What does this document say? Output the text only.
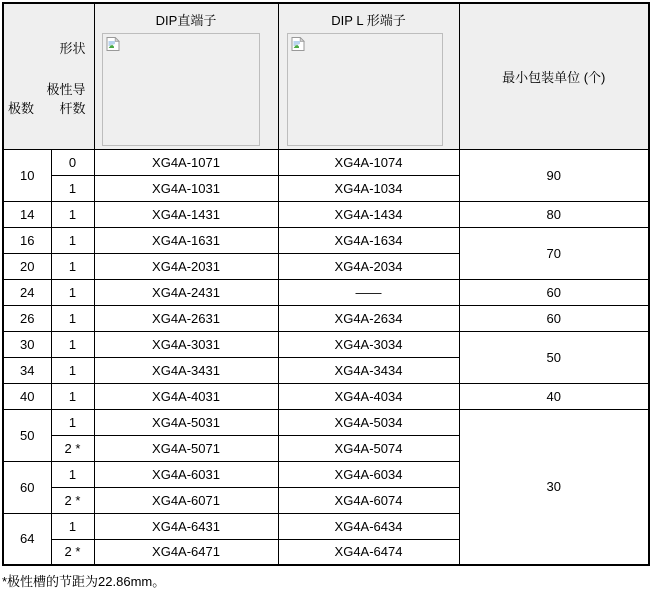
形状
极性导
杆数
极数		DIP直端子	DIP L 形端子	最小包装单位 (个)
10	0	XG4A-1071	XG4A-1074	90
	1	XG4A-1031	XG4A-1034	
14	1	XG4A-1431	XG4A-1434	80
16	1	XG4A-1631	XG4A-1634	70
20	1	XG4A-2031	XG4A-2034	
24	1	XG4A-2431	——	60
26	1	XG4A-2631	XG4A-2634	60
30	1	XG4A-3031	XG4A-3034	50
34	1	XG4A-3431	XG4A-3434	
40	1	XG4A-4031	XG4A-4034	40
50	1	XG4A-5031	XG4A-5034	30
	2 *	XG4A-5071	XG4A-5074	
60	1	XG4A-6031	XG4A-6034	
	2 *	XG4A-6071	XG4A-6074	
64	1	XG4A-6431	XG4A-6434	
	2 *	XG4A-6471	XG4A-6474	
*极性槽的节距为22.86mm。
